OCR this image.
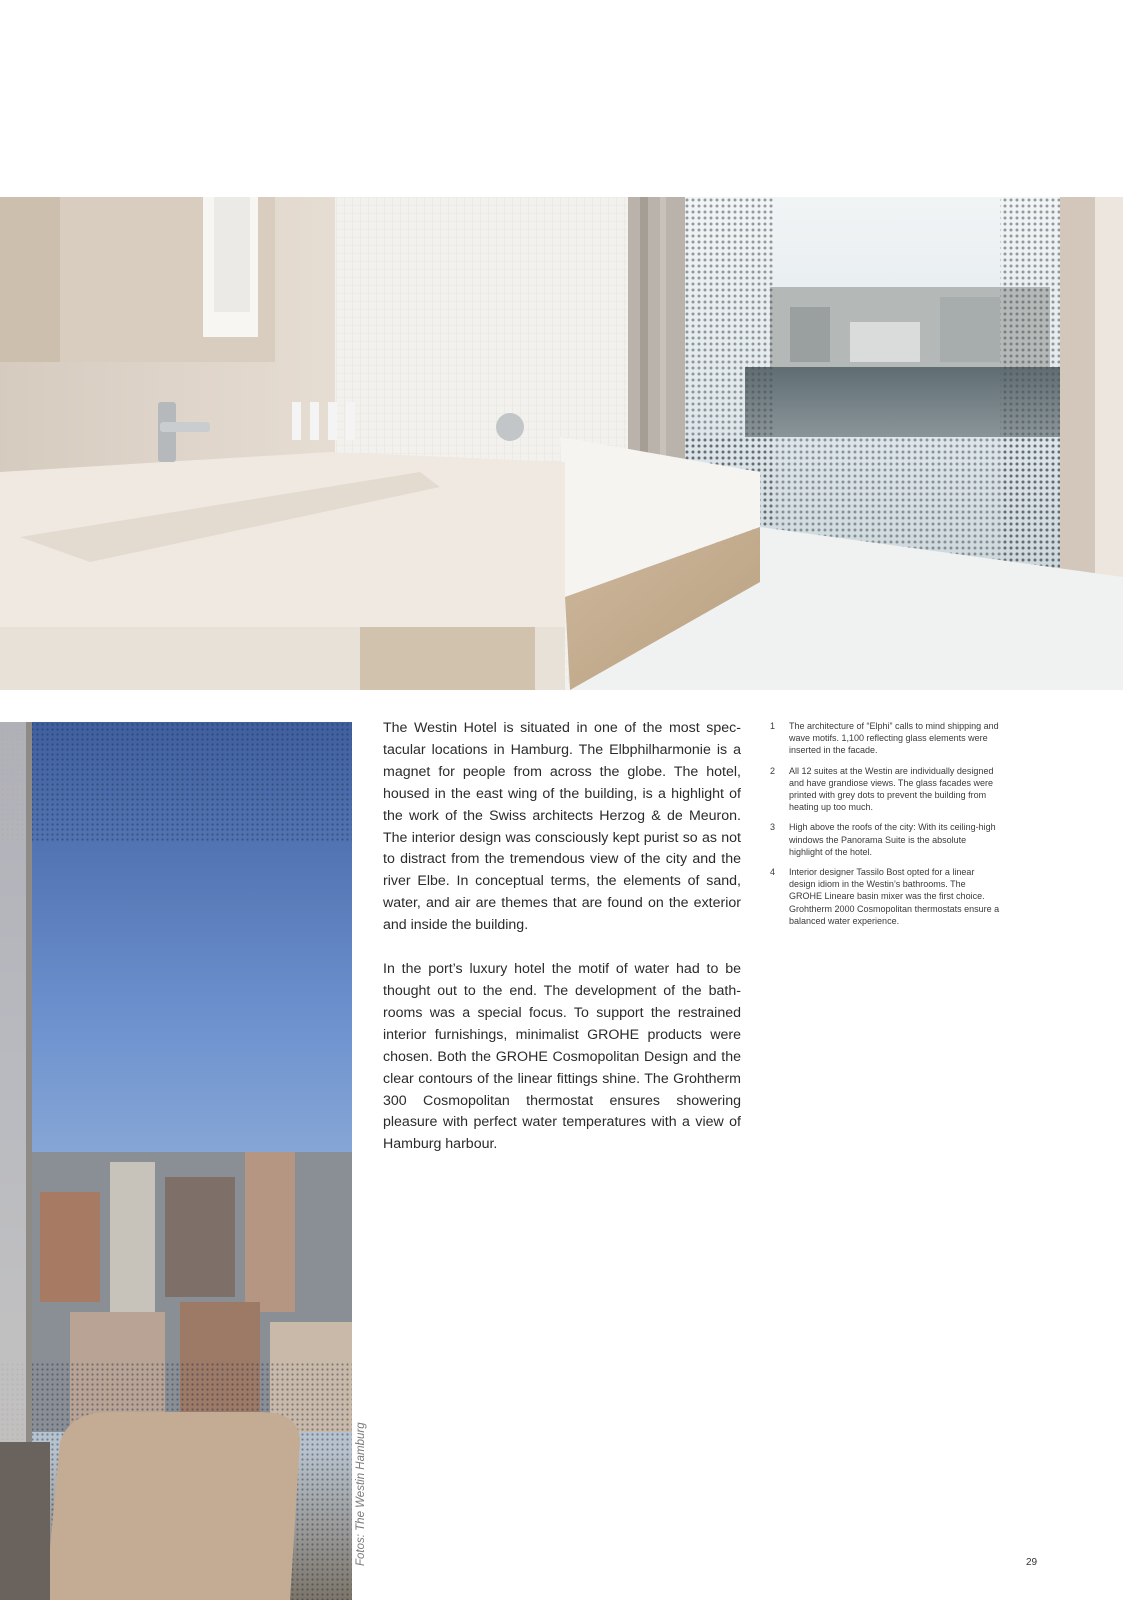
Fotos: The Westin Hamburg

The Westin Hotel is situated in one of the most spectacular locations in Hamburg. The Elbphilharmonie is a magnet for people from across the globe. The hotel, housed in the east wing of the building, is a highlight of the work of the Swiss architects Herzog & de Meuron. The interior design was consciously kept purist so as not to distract from the tremendous view of the city and the river Elbe. In conceptual terms, the elements of sand, water, and air are themes that are found on the exterior and inside the building.

In the port’s luxury hotel the motif of water had to be thought out to the end. The development of the bathrooms was a special focus. To support the restrained interior furnishings, minimalist GROHE products were chosen. Both the GROHE Cosmopolitan Design and the clear contours of the linear fittings shine. The Grohtherm 300 Cosmopolitan thermostat ensures showering pleasure with perfect water temperatures with a view of Hamburg harbour.

1	The architecture of “Elphi” calls to mind shipping and wave motifs. 1,100 reflecting glass elements were inserted in the facade.
2	All 12 suites at the Westin are individually designed and have grandiose views. The glass facades were printed with grey dots to prevent the building from heating up too much.
3	High above the roofs of the city: With its ceiling-high windows the Panorama Suite is the absolute highlight of the hotel.
4	Interior designer Tassilo Bost opted for a linear design idiom in the Westin’s bathrooms. The GROHE Lineare basin mixer was the first choice. Grohtherm 2000 Cosmopolitan thermostats ensure a balanced water experience.
29
